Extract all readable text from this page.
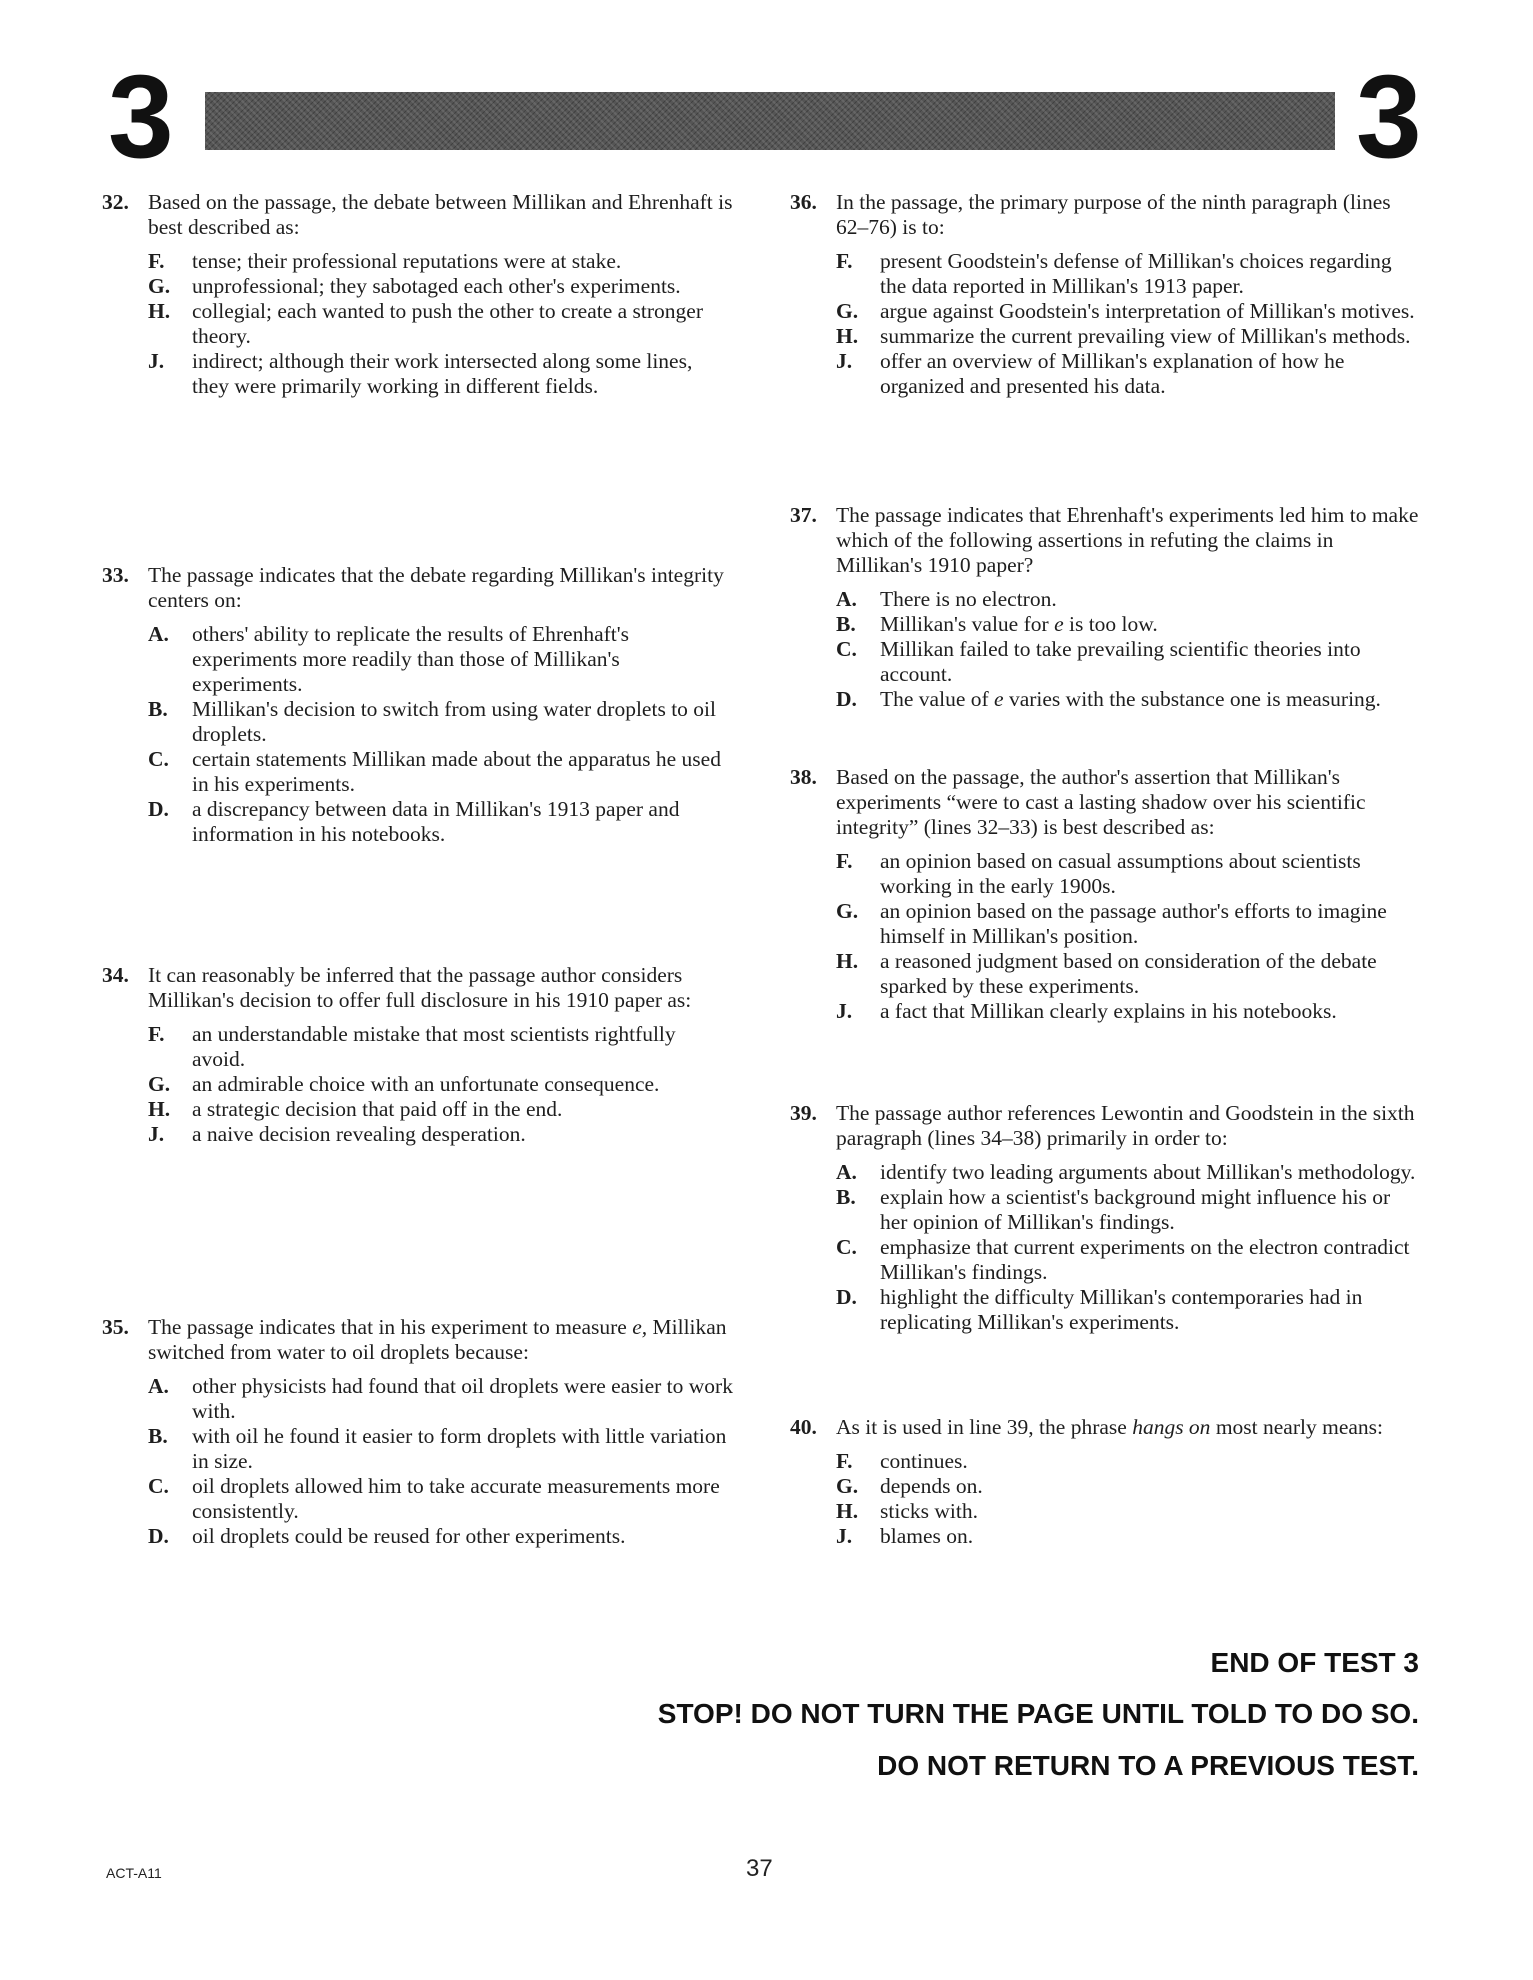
3	3
32. Based on the passage, the debate between Millikan and Ehrenhaft is best described as:
F. tense; their professional reputations were at stake.
G. unprofessional; they sabotaged each other's experiments.
H. collegial; each wanted to push the other to create a stronger theory.
J. indirect; although their work intersected along some lines, they were primarily working in different fields.
33. The passage indicates that the debate regarding Millikan's integrity centers on:
A. others' ability to replicate the results of Ehrenhaft's experiments more readily than those of Millikan's experiments.
B. Millikan's decision to switch from using water droplets to oil droplets.
C. certain statements Millikan made about the apparatus he used in his experiments.
D. a discrepancy between data in Millikan's 1913 paper and information in his notebooks.
34. It can reasonably be inferred that the passage author considers Millikan's decision to offer full disclosure in his 1910 paper as:
F. an understandable mistake that most scientists rightfully avoid.
G. an admirable choice with an unfortunate consequence.
H. a strategic decision that paid off in the end.
J. a naive decision revealing desperation.
35. The passage indicates that in his experiment to measure e, Millikan switched from water to oil droplets because:
A. other physicists had found that oil droplets were easier to work with.
B. with oil he found it easier to form droplets with little variation in size.
C. oil droplets allowed him to take accurate measurements more consistently.
D. oil droplets could be reused for other experiments.
36. In the passage, the primary purpose of the ninth paragraph (lines 62–76) is to:
F. present Goodstein's defense of Millikan's choices regarding the data reported in Millikan's 1913 paper.
G. argue against Goodstein's interpretation of Millikan's motives.
H. summarize the current prevailing view of Millikan's methods.
J. offer an overview of Millikan's explanation of how he organized and presented his data.
37. The passage indicates that Ehrenhaft's experiments led him to make which of the following assertions in refuting the claims in Millikan's 1910 paper?
A. There is no electron.
B. Millikan's value for e is too low.
C. Millikan failed to take prevailing scientific theories into account.
D. The value of e varies with the substance one is measuring.
38. Based on the passage, the author's assertion that Millikan's experiments “were to cast a lasting shadow over his scientific integrity” (lines 32–33) is best described as:
F. an opinion based on casual assumptions about scientists working in the early 1900s.
G. an opinion based on the passage author's efforts to imagine himself in Millikan's position.
H. a reasoned judgment based on consideration of the debate sparked by these experiments.
J. a fact that Millikan clearly explains in his notebooks.
39. The passage author references Lewontin and Goodstein in the sixth paragraph (lines 34–38) primarily in order to:
A. identify two leading arguments about Millikan's methodology.
B. explain how a scientist's background might influence his or her opinion of Millikan's findings.
C. emphasize that current experiments on the electron contradict Millikan's findings.
D. highlight the difficulty Millikan's contemporaries had in replicating Millikan's experiments.
40. As it is used in line 39, the phrase hangs on most nearly means:
F. continues.
G. depends on.
H. sticks with.
J. blames on.
END OF TEST 3
STOP! DO NOT TURN THE PAGE UNTIL TOLD TO DO SO.
DO NOT RETURN TO A PREVIOUS TEST.
ACT-A11	37
